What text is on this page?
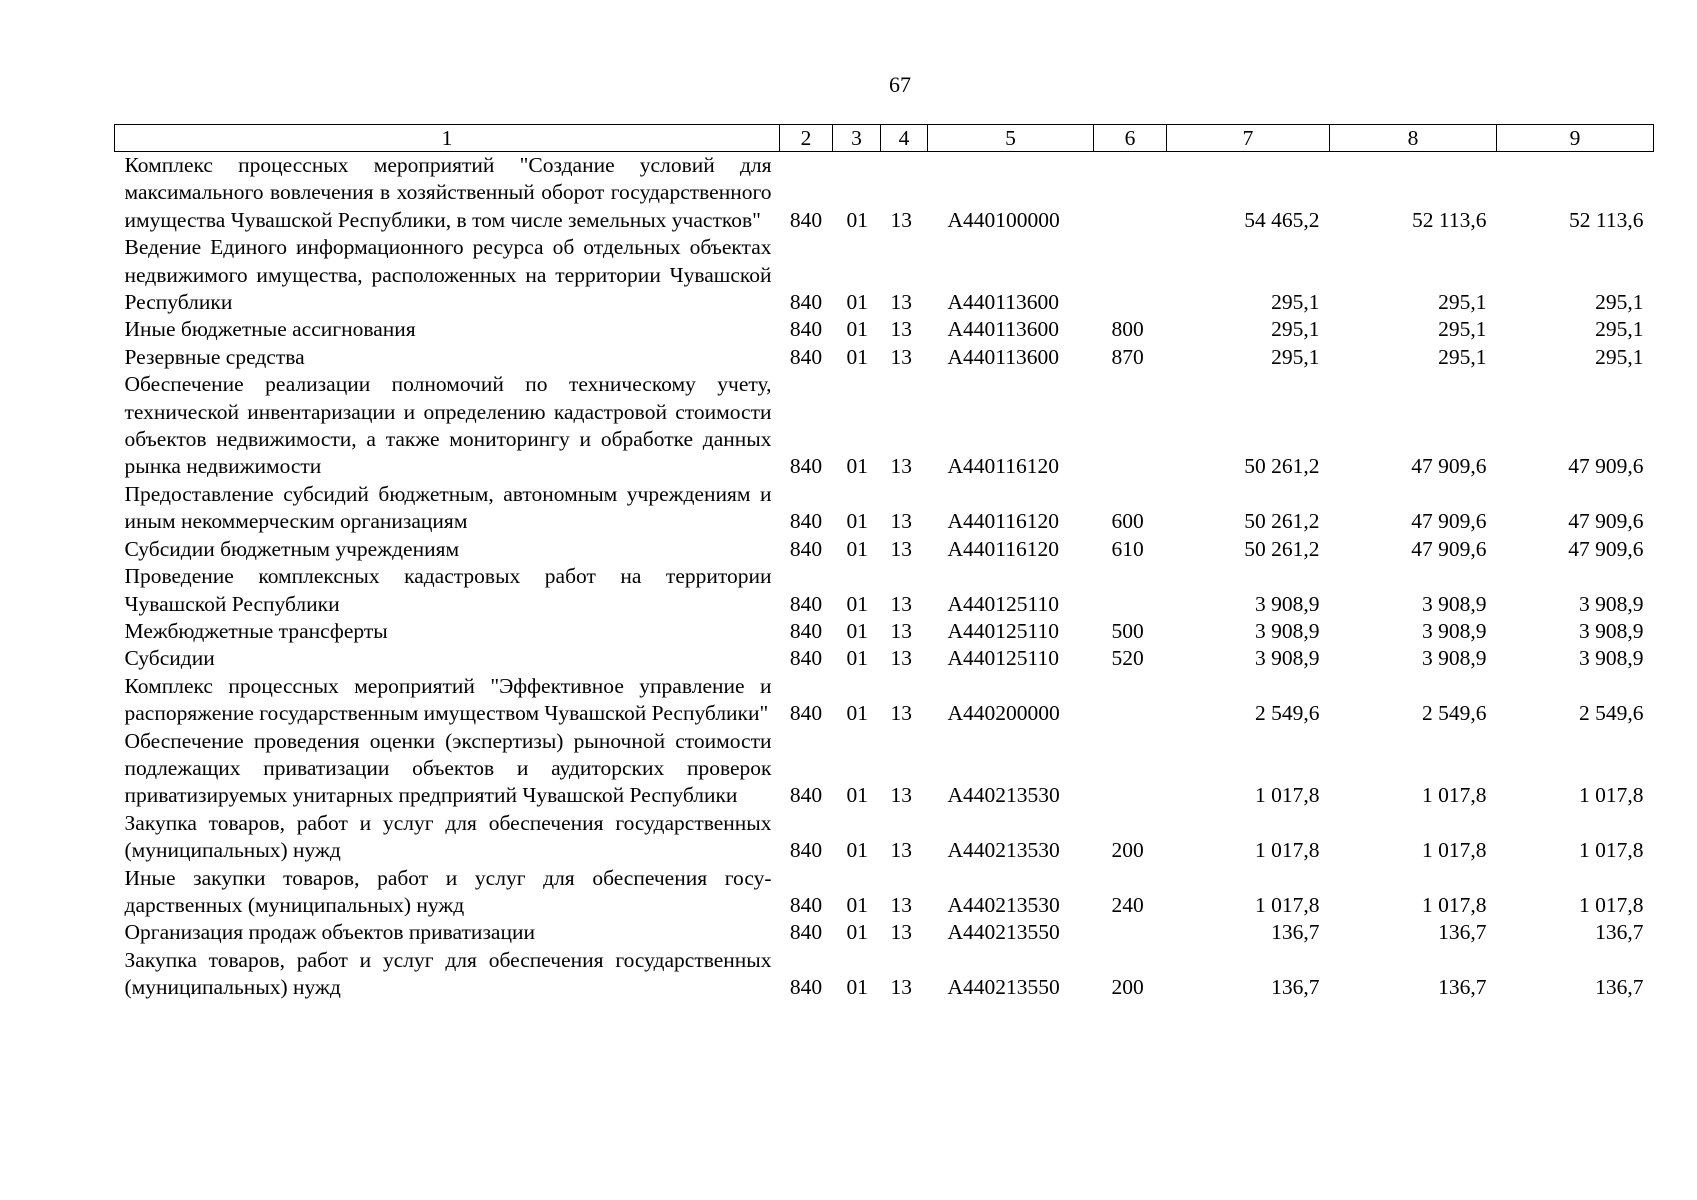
67
1	2	3	4	5	6	7	8	9
Комплекс процессных мероприятий "Создание условий для максимального вовлечения в хозяйственный оборот государственного имущества Чувашской Республики, в том числе земельных участков"	840	01	13	A440100000		54 465,2	52 113,6	52 113,6
Ведение Единого информационного ресурса об отдельных объектах недвижимого имущества, расположенных на территории Чувашской Республики	840	01	13	A440113600		295,1	295,1	295,1
Иные бюджетные ассигнования	840	01	13	A440113600	800	295,1	295,1	295,1
Резервные средства	840	01	13	A440113600	870	295,1	295,1	295,1
Обеспечение реализации полномочий по техническому учету, технической инвентаризации и определению кадастровой стоимости объектов недвижимости, а также мониторингу и обработке данных рынка недвижимости	840	01	13	A440116120		50 261,2	47 909,6	47 909,6
Предоставление субсидий бюджетным, автономным учреждениям и иным некоммерческим организациям	840	01	13	A440116120	600	50 261,2	47 909,6	47 909,6
Субсидии бюджетным учреждениям	840	01	13	A440116120	610	50 261,2	47 909,6	47 909,6
Проведение комплексных кадастровых работ на территории Чувашской Республики	840	01	13	A440125110		3 908,9	3 908,9	3 908,9
Межбюджетные трансферты	840	01	13	A440125110	500	3 908,9	3 908,9	3 908,9
Субсидии	840	01	13	A440125110	520	3 908,9	3 908,9	3 908,9
Комплекс процессных мероприятий "Эффективное управление и распоряжение государственным имуществом Чувашской Республики"	840	01	13	A440200000		2 549,6	2 549,6	2 549,6
Обеспечение проведения оценки (экспертизы) рыночной стоимости подлежащих приватизации объектов и аудиторских проверок приватизируемых унитарных предприятий Чувашской Республики	840	01	13	A440213530		1 017,8	1 017,8	1 017,8
Закупка товаров, работ и услуг для обеспечения государственных (муниципальных) нужд	840	01	13	A440213530	200	1 017,8	1 017,8	1 017,8
Иные закупки товаров, работ и услуг для обеспечения государственных (муниципальных) нужд	840	01	13	A440213530	240	1 017,8	1 017,8	1 017,8
Организация продаж объектов приватизации	840	01	13	A440213550		136,7	136,7	136,7
Закупка товаров, работ и услуг для обеспечения государственных (муниципальных) нужд	840	01	13	A440213550	200	136,7	136,7	136,7
